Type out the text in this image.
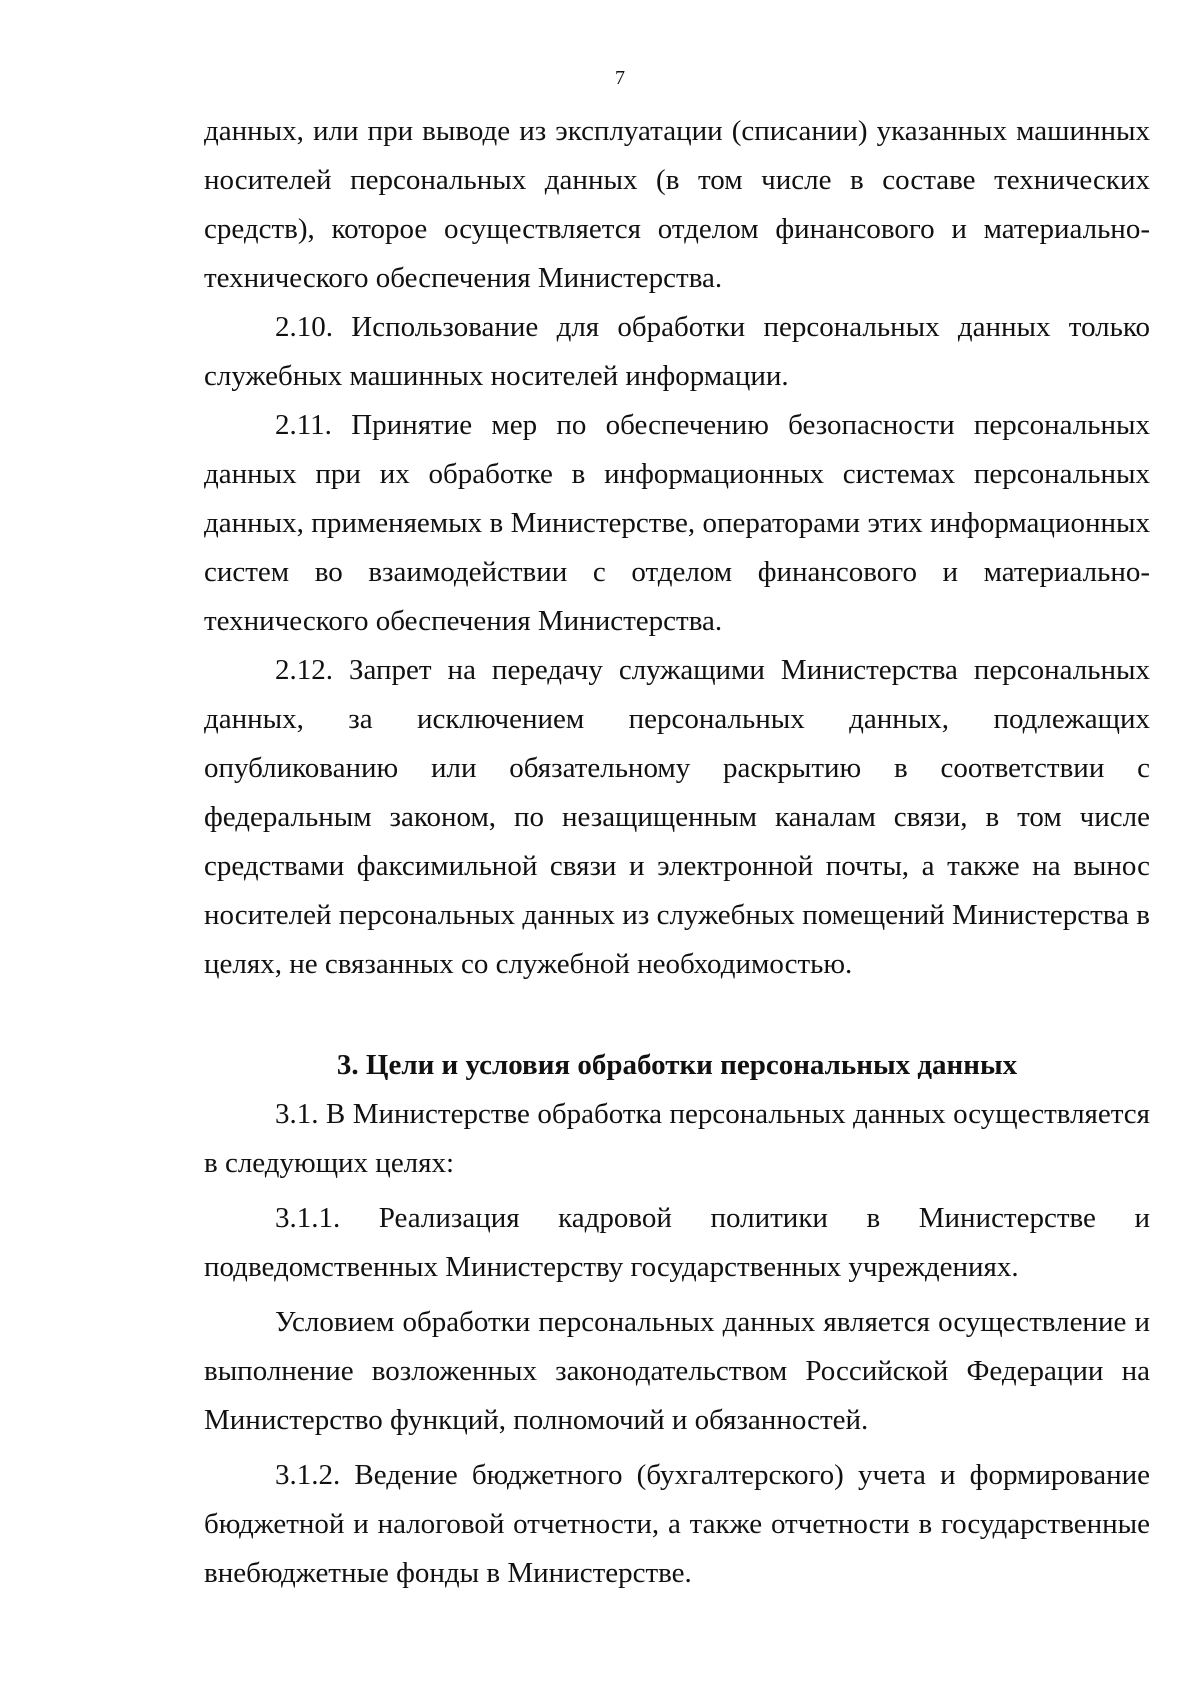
7

данных, или при выводе из эксплуатации (списании) указанных машинных носителей персональных данных (в том числе в составе технических средств), которое осуществляется отделом финансового и материально-технического обеспечения Министерства.

2.10. Использование для обработки персональных данных только служебных машинных носителей информации.

2.11. Принятие мер по обеспечению безопасности персональных данных при их обработке в информационных системах персональных данных, применяемых в Министерстве, операторами этих информационных систем во взаимодействии с отделом финансового и материально-технического обеспечения Министерства.

2.12. Запрет на передачу служащими Министерства персональных данных, за исключением персональных данных, подлежащих опубликованию или обязательному раскрытию в соответствии с федеральным законом, по незащищенным каналам связи, в том числе средствами факсимильной связи и электронной почты, а также на вынос носителей персональных данных из служебных помещений Министерства в целях, не связанных со служебной необходимостью.

3. Цели и условия обработки персональных данных

3.1. В Министерстве обработка персональных данных осуществляется в следующих целях:

3.1.1. Реализация кадровой политики в Министерстве и подведомственных Министерству государственных учреждениях.

Условием обработки персональных данных является осуществление и выполнение возложенных законодательством Российской Федерации на Министерство функций, полномочий и обязанностей.

3.1.2. Ведение бюджетного (бухгалтерского) учета и формирование бюджетной и налоговой отчетности, а также отчетности в государственные внебюджетные фонды в Министерстве.
